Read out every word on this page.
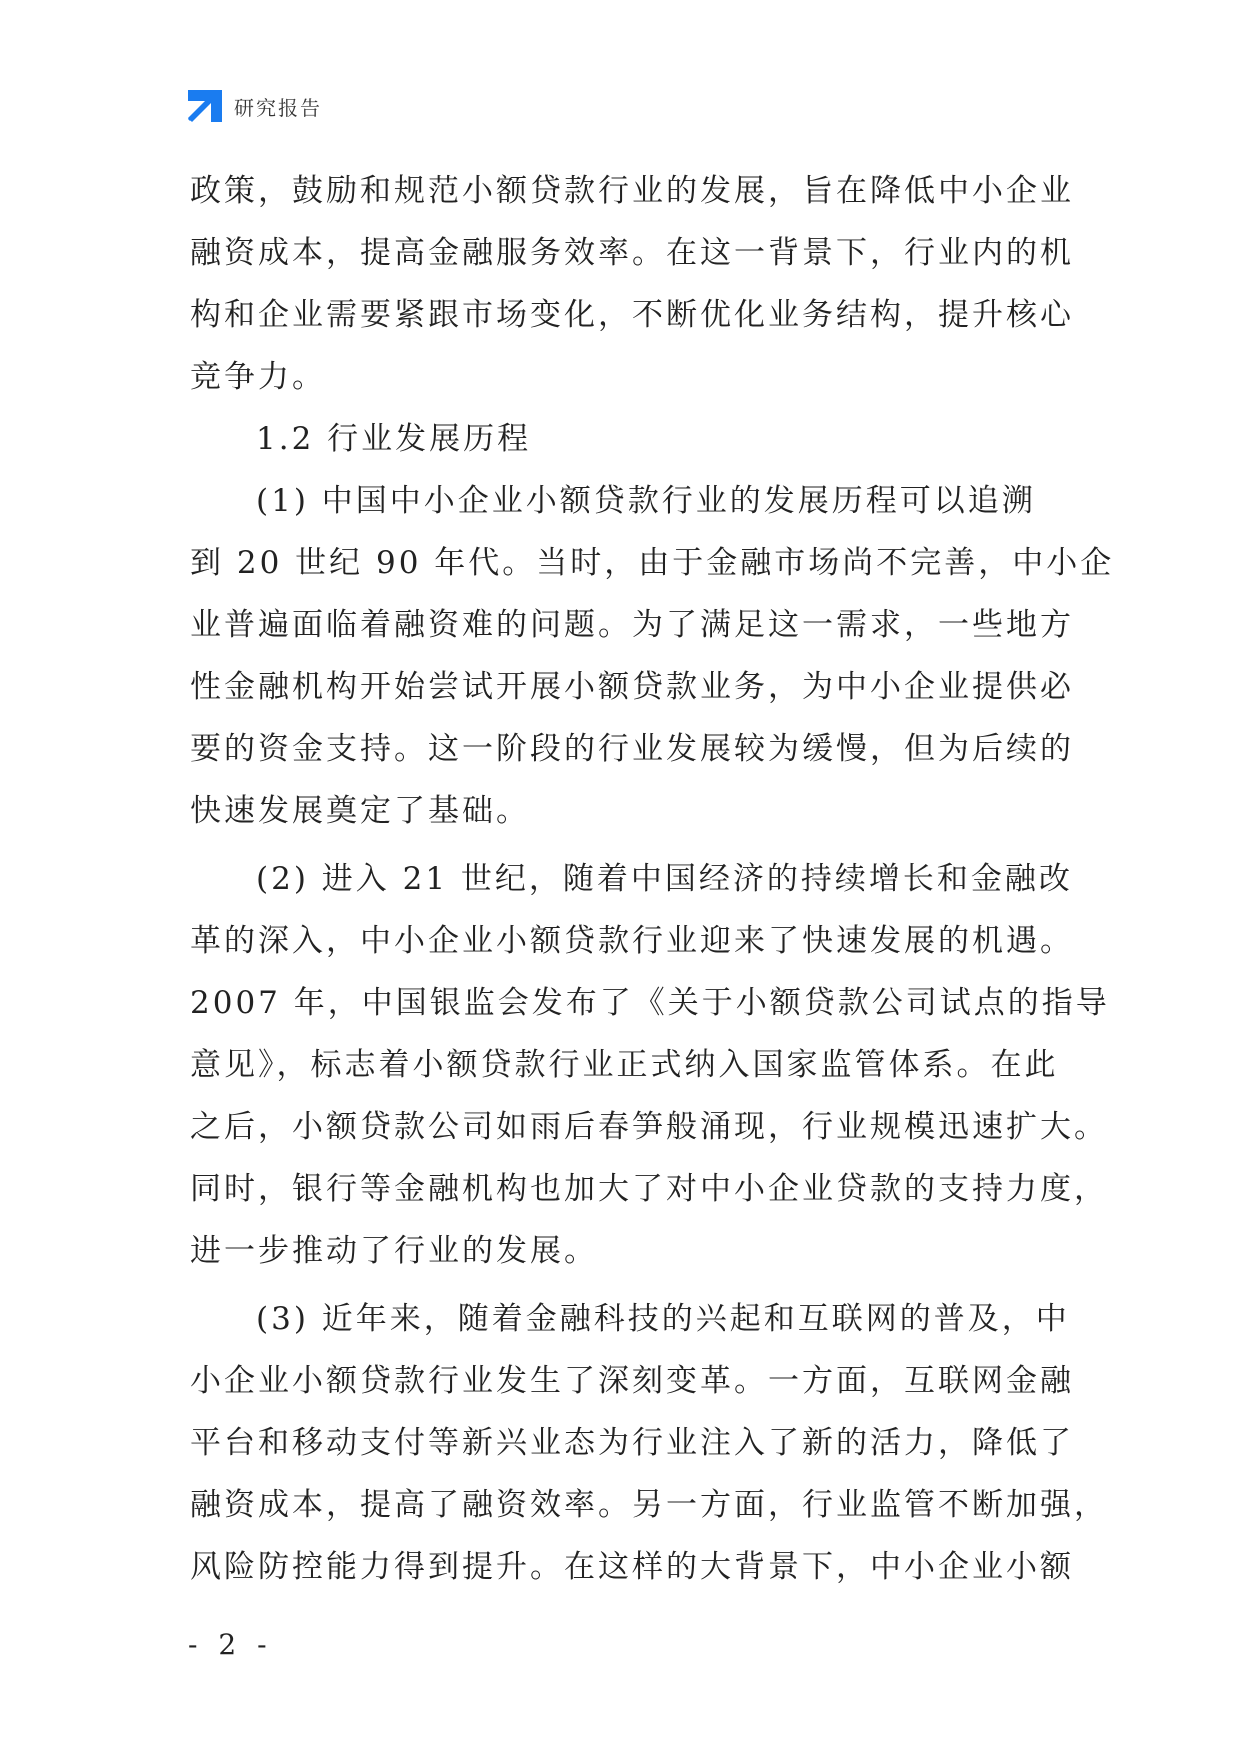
研究报告
政策，鼓励和规范小额贷款行业的发展，旨在降低中小企业
融资成本，提高金融服务效率。在这一背景下，行业内的机
构和企业需要紧跟市场变化，不断优化业务结构，提升核心
竞争力。
1.2 行业发展历程
(1) 中国中小企业小额贷款行业的发展历程可以追溯
到 20 世纪 90 年代。当时，由于金融市场尚不完善，中小企
业普遍面临着融资难的问题。为了满足这一需求，一些地方
性金融机构开始尝试开展小额贷款业务，为中小企业提供必
要的资金支持。这一阶段的行业发展较为缓慢，但为后续的
快速发展奠定了基础。
(2) 进入 21 世纪，随着中国经济的持续增长和金融改
革的深入，中小企业小额贷款行业迎来了快速发展的机遇。
2007 年，中国银监会发布了《关于小额贷款公司试点的指导
意见》，标志着小额贷款行业正式纳入国家监管体系。在此
之后，小额贷款公司如雨后春笋般涌现，行业规模迅速扩大。
同时，银行等金融机构也加大了对中小企业贷款的支持力度，
进一步推动了行业的发展。
(3) 近年来，随着金融科技的兴起和互联网的普及，中
小企业小额贷款行业发生了深刻变革。一方面，互联网金融
平台和移动支付等新兴业态为行业注入了新的活力，降低了
融资成本，提高了融资效率。另一方面，行业监管不断加强，
风险防控能力得到提升。在这样的大背景下，中小企业小额
- 2 -
